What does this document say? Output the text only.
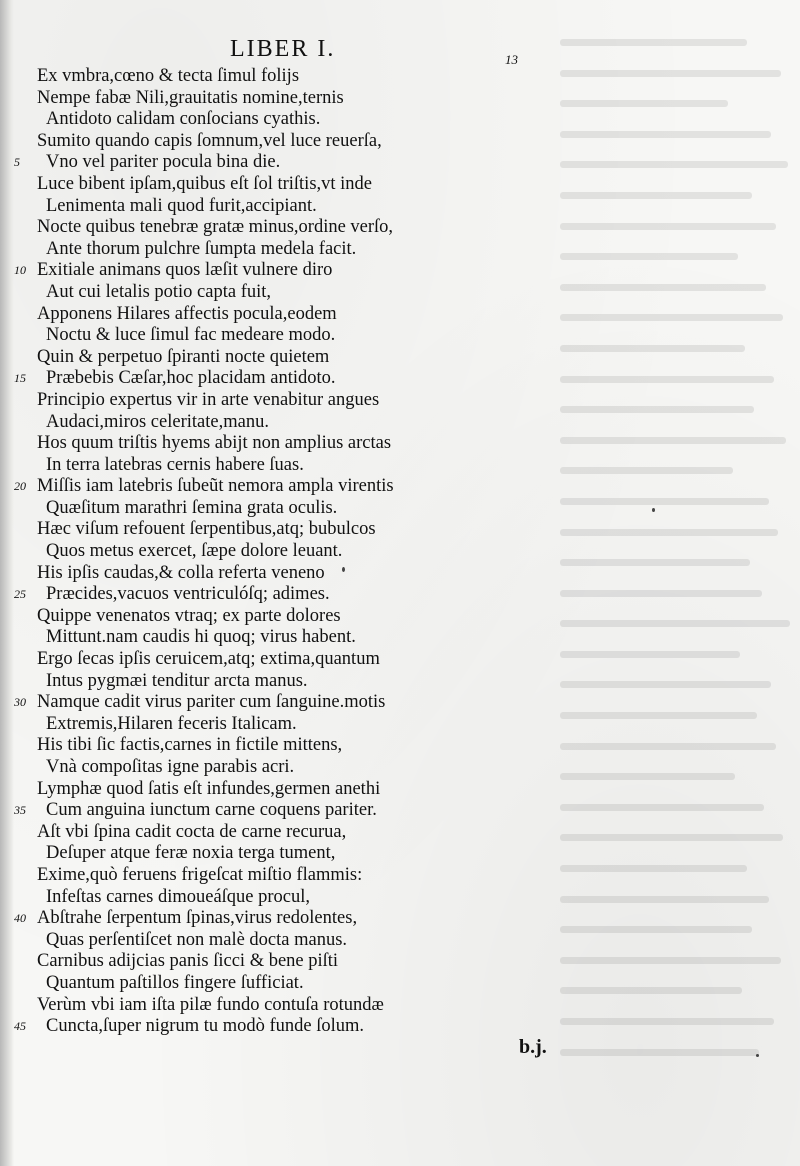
LIBER I.	13
Ex vmbra,cœno & tecta ſimul folijs
Nempe fabæ Nili,grauitatis nomine,ternis
Antidoto calidam conſocians cyathis.
Sumito quando capis ſomnum,vel luce reuerſa,
5 Vno vel pariter pocula bina die.
Luce bibent ipſam,quibus eſt ſol triſtis,vt inde
Lenimenta mali quod furit,accipiant.
Nocte quibus tenebræ gratæ minus,ordine verſo,
Ante thorum pulchre ſumpta medela facit.
10 Exitiale animans quos læſit vulnere diro
Aut cui letalis potio capta fuit,
Apponens Hilares affectis pocula,eodem
Noctu & luce ſimul fac medeare modo.
Quin & perpetuo ſpiranti nocte quietem
15 Præbebis Cæſar,hoc placidam antidoto.
Principio expertus vir in arte venabitur angues
Audaci,miros celeritate,manu.
Hos quum triſtis hyems abijt non amplius arctas
In terra latebras cernis habere ſuas.
20 Miſſis iam latebris ſubeũt nemora ampla virentis
Quæſitum marathri ſemina grata oculis.
Hæc viſum refouent ſerpentibus,atq; bubulcos
Quos metus exercet, ſæpe dolore leuant.
His ipſis caudas,& colla referta veneno
25 Præcides,vacuos ventriculóſq; adimes.
Quippe venenatos vtraq; ex parte dolores
Mittunt.nam caudis hi quoq; virus habent.
Ergo ſecas ipſis ceruicem,atq; extima,quantum
Intus pygmæi tenditur arcta manus.
30 Namque cadit virus pariter cum ſanguine.motis
Extremis,Hilaren feceris Italicam.
His tibi ſic factis,carnes in fictile mittens,
Vnà compoſitas igne parabis acri.
Lymphæ quod ſatis eſt infundes,germen anethi
35 Cum anguina iunctum carne coquens pariter.
Aſt vbi ſpina cadit cocta de carne recurua,
Deſuper atque feræ noxia terga tument,
Exime,quò feruens frigeſcat miſtio flammis:
Infeſtas carnes dimoueáſque procul,
40 Abſtrahe ſerpentum ſpinas,virus redolentes,
Quas perſentiſcet non malè docta manus.
Carnibus adijcias panis ſicci & bene piſti
Quantum paſtillos fingere ſufficiat.
Verùm vbi iam iſta pilæ fundo contuſa rotundæ
45 Cuncta,ſuper nigrum tu modò funde ſolum.
b.j.
